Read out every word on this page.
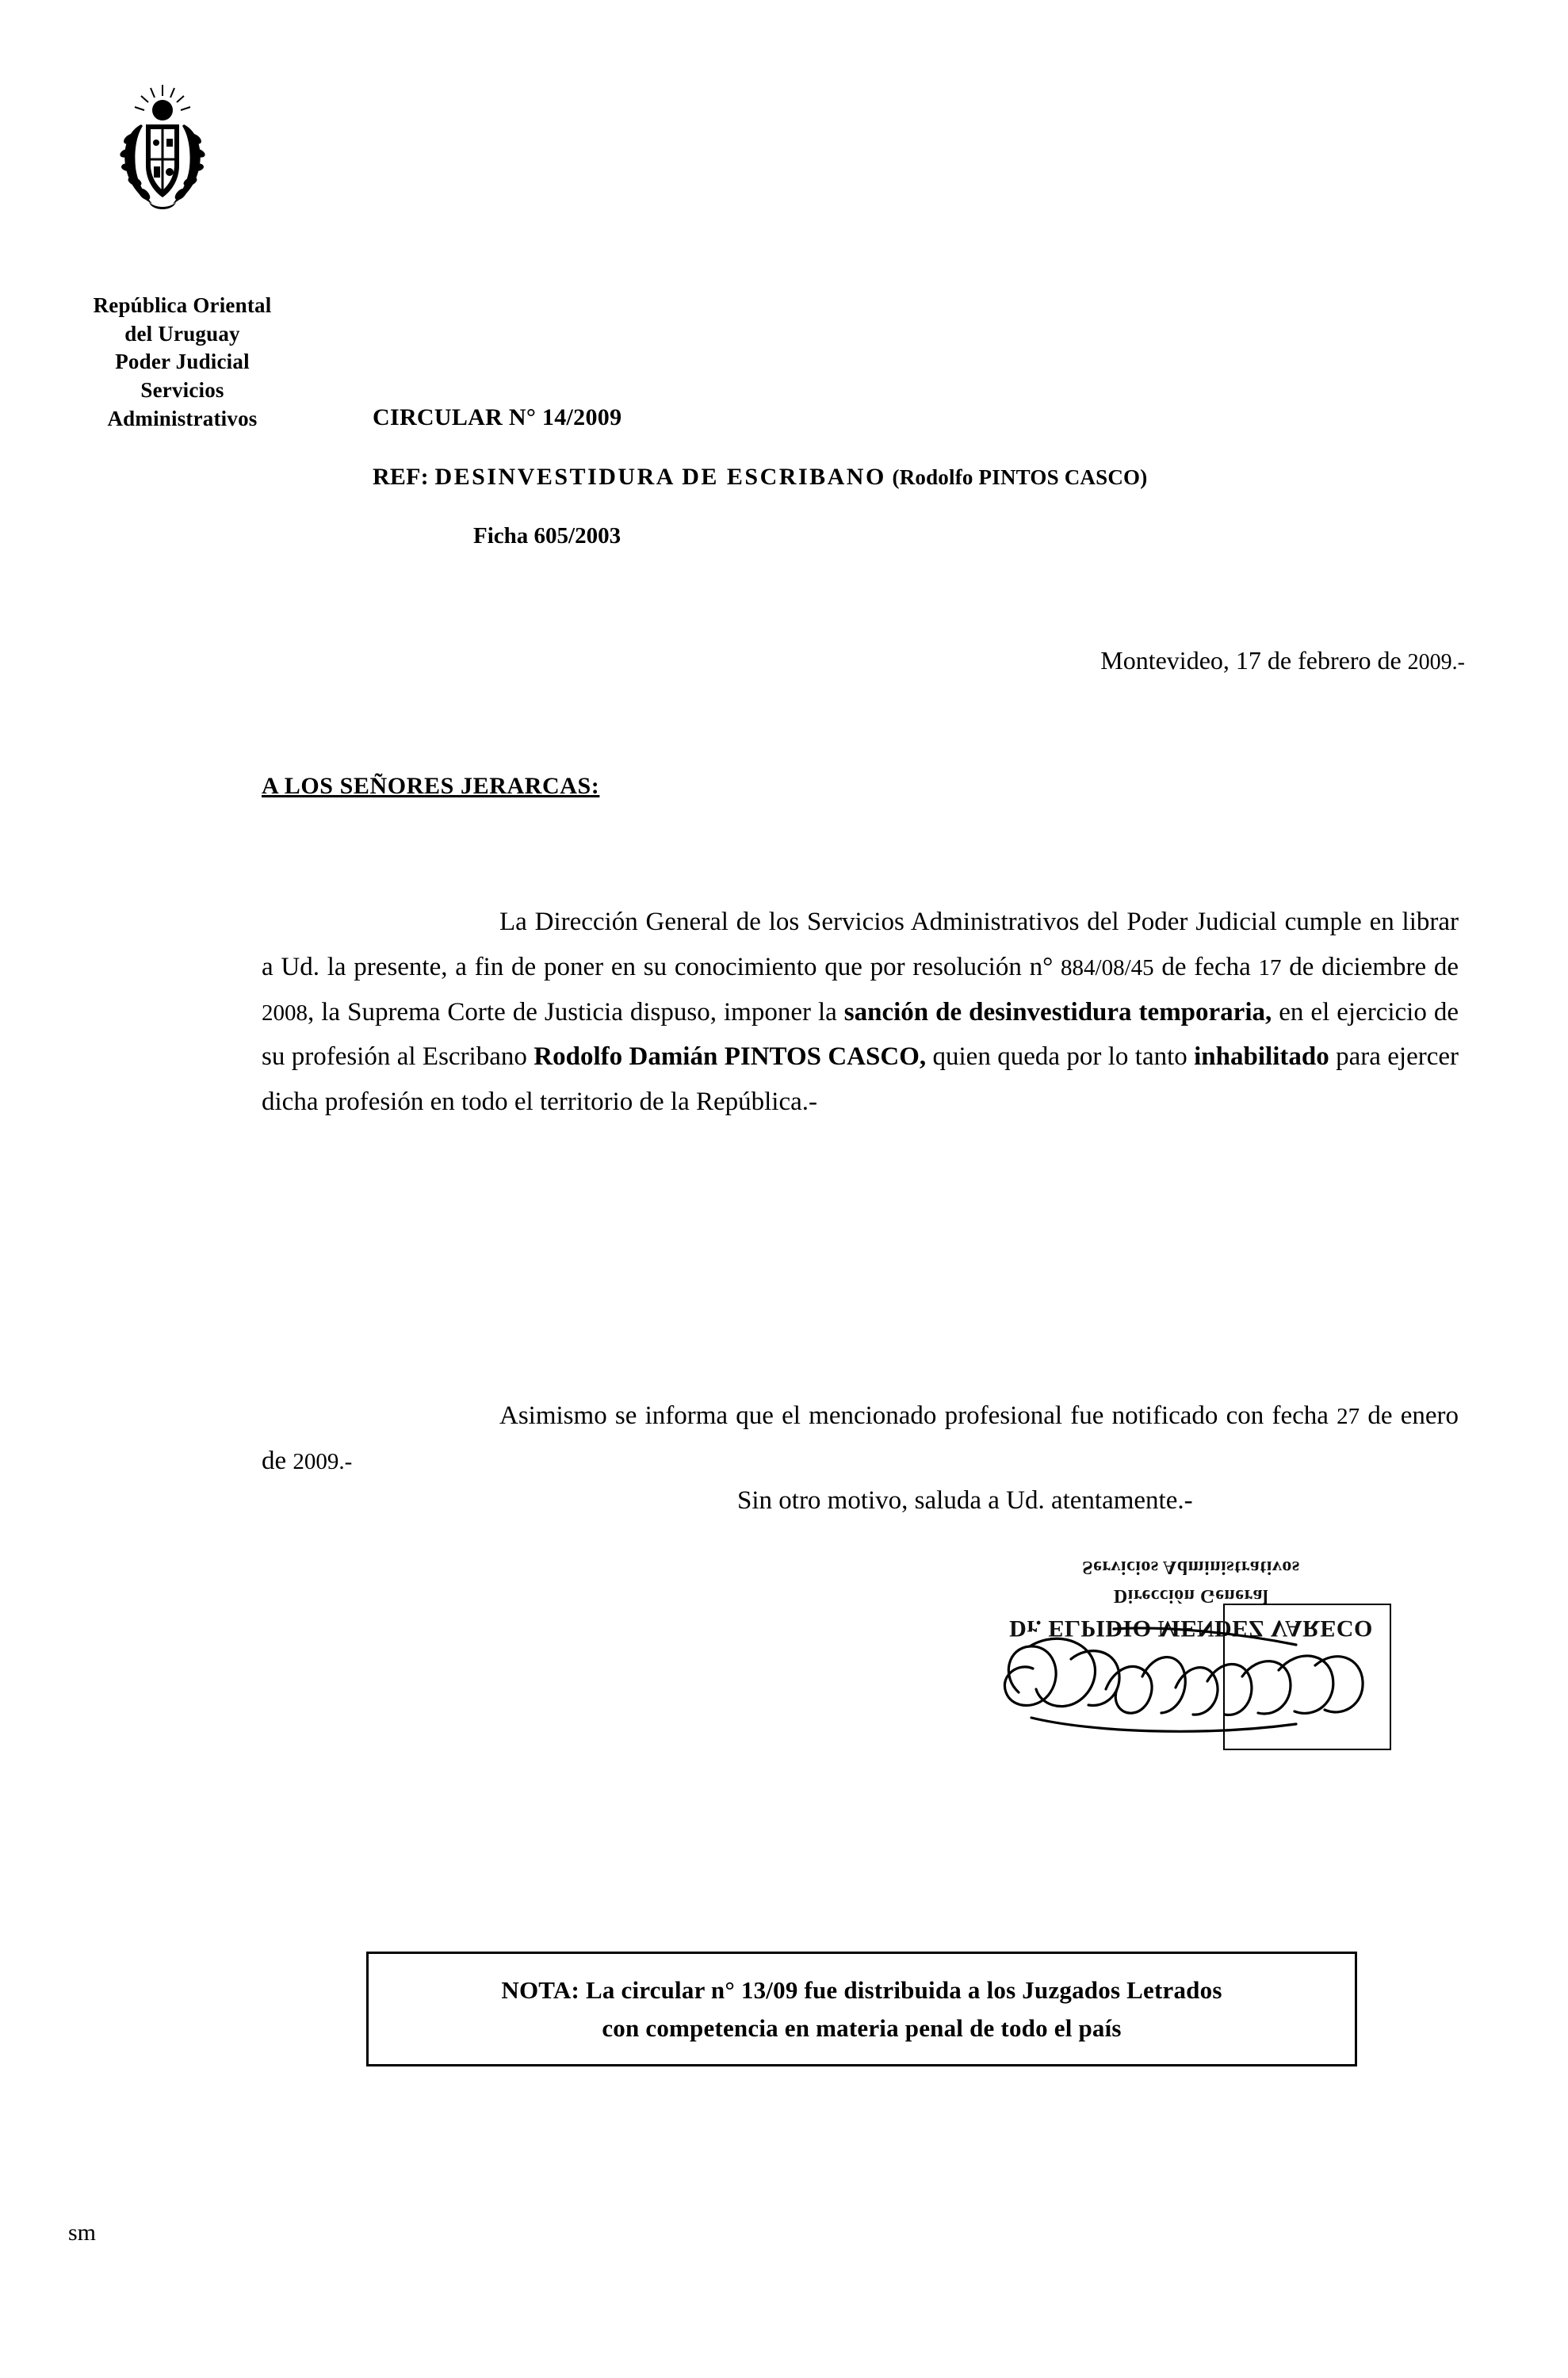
República Oriental
del Uruguay
Poder Judicial
Servicios
Administrativos	CIRCULAR N° 14/2009
REF: DESINVESTIDURA DE ESCRIBANO (Rodolfo PINTOS CASCO)
Ficha 605/2003
Montevideo, 17 de febrero de 2009.-
A LOS SEÑORES JERARCAS:

La Dirección General de los Servicios Administrativos del Poder Judicial cumple en librar a Ud. la presente, a fin de poner en su conocimiento que por resolución n° 884/08/45 de fecha 17 de diciembre de 2008, la Suprema Corte de Justicia dispuso, imponer la sanción de desinvestidura temporaria, en el ejercicio de su profesión al Escribano Rodolfo Damián PINTOS CASCO, quien queda por lo tanto inhabilitado para ejercer dicha profesión en todo el territorio de la República.-

Asimismo se informa que el mencionado profesional fue notificado con fecha 27 de enero de 2009.-

Sin otro motivo, saluda a Ud. atentamente.-
Servicios Administrativos
Dirección General
Dr. ELPIDIO MENDEZ VARECO
NOTA: La circular n° 13/09 fue distribuida a los Juzgados Letrados
con competencia en materia penal de todo el país
sm
